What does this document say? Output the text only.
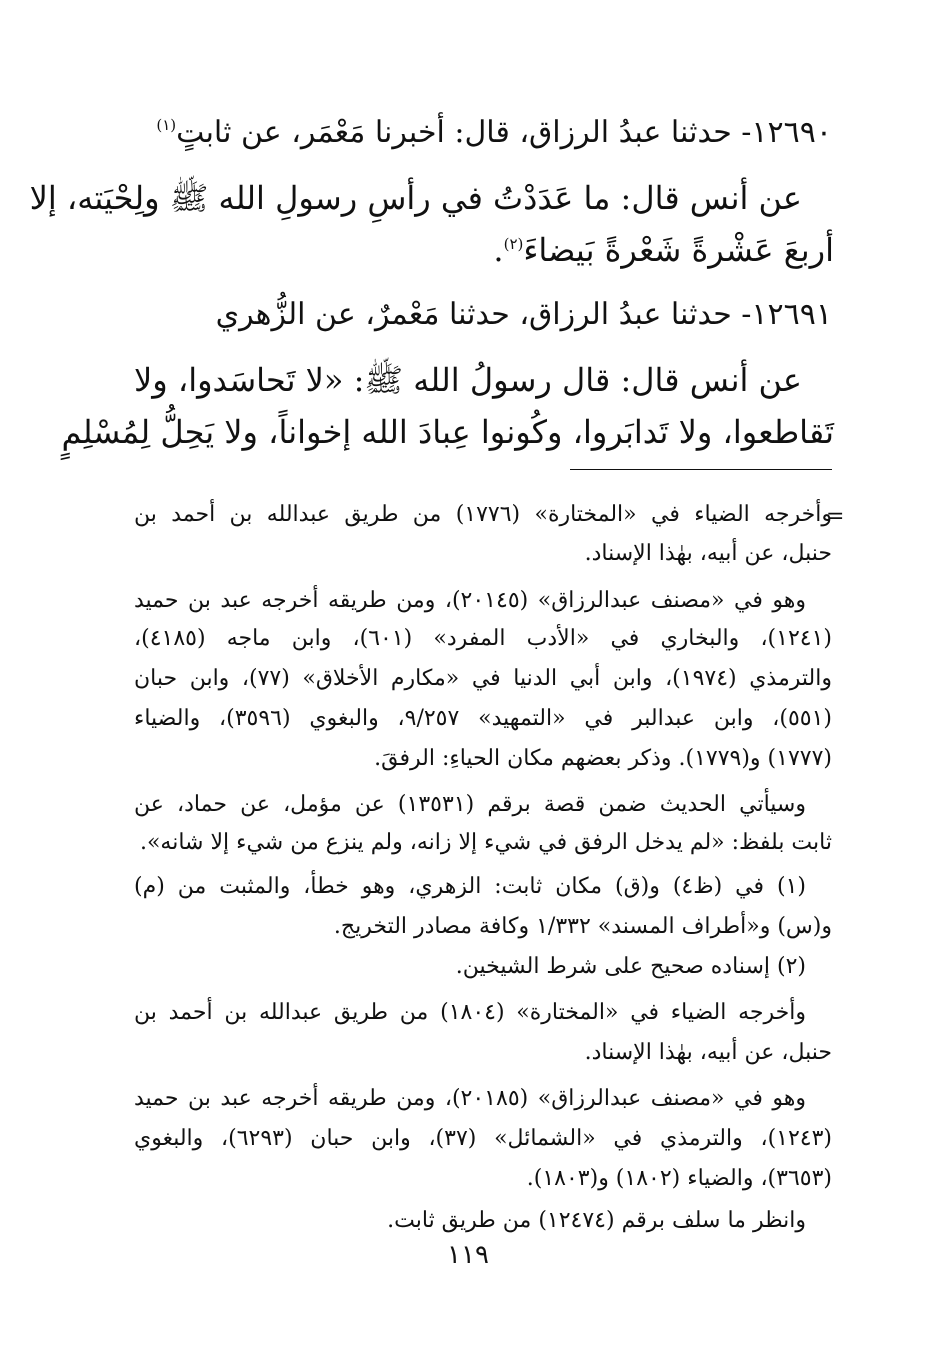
١٢٦٩٠- حدثنا عبدُ الرزاق، قال: أخبرنا مَعْمَر، عن ثابتٍ$^{(١)}$
عن أنس قال: ما عَدَدْتُ في رأسِ رسولِ الله ﷺ ولِحْيَته، إلا
أربعَ عَشْرةً شَعْرةً بَيضاءَ$^{(٢)}$.
١٢٦٩١- حدثنا عبدُ الرزاق، حدثنا مَعْمرٌ، عن الزُّهري
عن أنس قال: قال رسولُ الله ﷺ: «لا تَحاسَدوا، ولا
تَقاطعوا، ولا تَدابَروا، وكُونوا عِبادَ الله إخواناً، ولا يَحِلُّ لِمُسْلِمٍ
=
وأخرجه الضياء في «المختارة» (١٧٧٦) من طريق عبدالله بن أحمد بن
حنبل، عن أبيه، بهٰذا الإسناد.
وهو في «مصنف عبدالرزاق» (٢٠١٤٥)، ومن طريقه أخرجه عبد بن حميد
(١٢٤١)، والبخاري في «الأدب المفرد» (٦٠١)، وابن ماجه (٤١٨٥)،
والترمذي (١٩٧٤)، وابن أبي الدنيا في «مكارم الأخلاق» (٧٧)، وابن حبان
(٥٥١)، وابن عبدالبر في «التمهيد» ٩/٢٥٧، والبغوي (٣٥٩٦)، والضياء
(١٧٧٧) و(١٧٧٩). وذكر بعضهم مكان الحياءِ: الرفقَ.
وسيأتي الحديث ضمن قصة برقم (١٣٥٣١) عن مؤمل، عن حماد، عن
ثابت بلفظ: «لم يدخل الرفق في شيء إلا زانه، ولم ينزع من شيء إلا شانه».
(١) في (ظ٤) و(ق) مكان ثابت: الزهري، وهو خطأ، والمثبت من (م)
و(س) و«أطراف المسند» ١/٣٣٢ وكافة مصادر التخريج.
(٢) إسناده صحيح على شرط الشيخين.
وأخرجه الضياء في «المختارة» (١٨٠٤) من طريق عبدالله بن أحمد بن
حنبل، عن أبيه، بهٰذا الإسناد.
وهو في «مصنف عبدالرزاق» (٢٠١٨٥)، ومن طريقه أخرجه عبد بن حميد
(١٢٤٣)، والترمذي في «الشمائل» (٣٧)، وابن حبان (٦٢٩٣)، والبغوي
(٣٦٥٣)، والضياء (١٨٠٢) و(١٨٠٣).
وانظر ما سلف برقم (١٢٤٧٤) من طريق ثابت.
١١٩
